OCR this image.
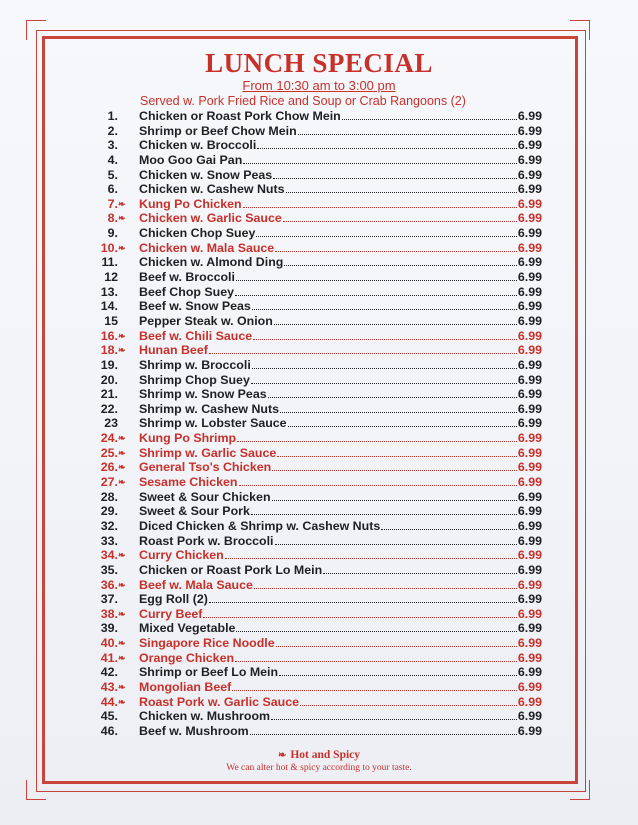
LUNCH SPECIAL
From 10:30 am to 3:00 pm
Served w. Pork Fried Rice and Soup or Crab Rangoons (2)
1. Chicken or Roast Pork Chow Mein	6.99
2. Shrimp or Beef Chow Mein	6.99
3. Chicken w. Broccoli	6.99
4. Moo Goo Gai Pan	6.99
5. Chicken w. Snow Peas	6.99
6. Chicken w. Cashew Nuts	6.99
7. ❧ Kung Po Chicken	6.99
8. ❧ Chicken w. Garlic Sauce	6.99
9. Chicken Chop Suey	6.99
10. ❧ Chicken w. Mala Sauce	6.99
11. Chicken w. Almond Ding	6.99
12 Beef w. Broccoli	6.99
13. Beef Chop Suey	6.99
14. Beef w. Snow Peas	6.99
15 Pepper Steak w. Onion	6.99
16. ❧ Beef w. Chili Sauce	6.99
18. ❧ Hunan Beef	6.99
19. Shrimp w. Broccoli	6.99
20. Shrimp Chop Suey	6.99
21. Shrimp w. Snow Peas	6.99
22. Shrimp w. Cashew Nuts	6.99
23 Shrimp w. Lobster Sauce	6.99
24. ❧ Kung Po Shrimp	6.99
25. ❧ Shrimp w. Garlic Sauce	6.99
26. ❧ General Tso's Chicken	6.99
27. ❧ Sesame Chicken	6.99
28. Sweet & Sour Chicken	6.99
29. Sweet & Sour Pork	6.99
32. Diced Chicken & Shrimp w. Cashew Nuts	6.99
33. Roast Pork w. Broccoli	6.99
34. ❧ Curry Chicken	6.99
35. Chicken or Roast Pork Lo Mein	6.99
36. ❧ Beef w. Mala Sauce	6.99
37. Egg Roll (2)	6.99
38. ❧ Curry Beef	6.99
39. Mixed Vegetable	6.99
40. ❧ Singapore Rice Noodle	6.99
41. ❧ Orange Chicken	6.99
42. Shrimp or Beef Lo Mein	6.99
43. ❧ Mongolian Beef	6.99
44. ❧ Roast Pork w. Garlic Sauce	6.99
45. Chicken w. Mushroom	6.99
46. Beef w. Mushroom	6.99
❧ Hot and Spicy
We can alter hot & spicy according to your taste.
